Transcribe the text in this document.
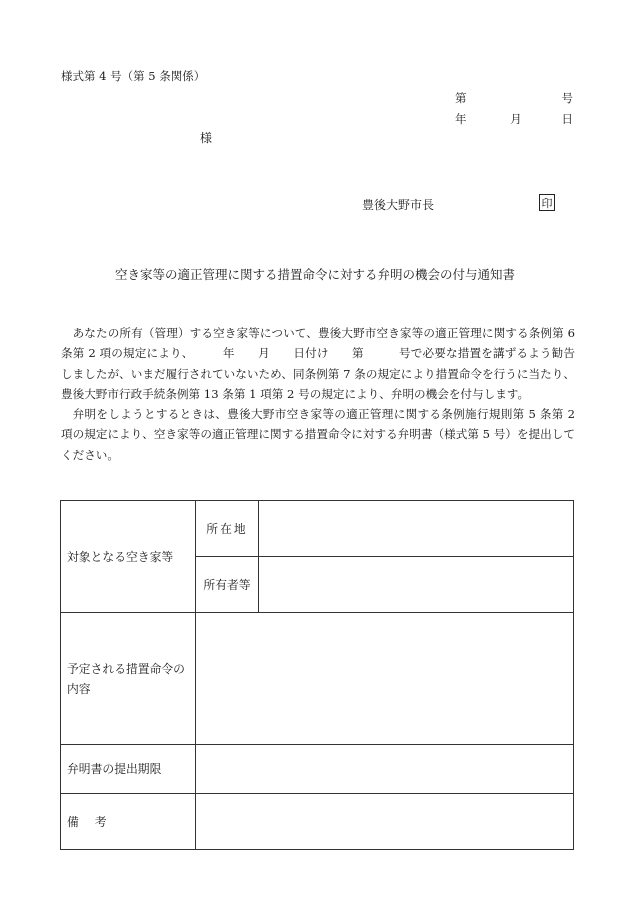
様式第 4 号（第 5 条関係）
第	号
年	月	日
様
豊後大野市長	印
空き家等の適正管理に関する措置命令に対する弁明の機会の付与通知書

あなたの所有（管理）する空き家等について、豊後大野市空き家等の適正管理に関する条例第 6 条第 2 項の規定により、　　　年　　月　　日付け　　第　　　号で必要な措置を講ずるよう勧告しましたが、いまだ履行されていないため、同条例第 7 条の規定により措置命令を行うに当たり、豊後大野市行政手続条例第 13 条第 1 項第 2 号の規定により、弁明の機会を付与します。

弁明をしようとするときは、豊後大野市空き家等の適正管理に関する条例施行規則第 5 条第 2 項の規定により、空き家等の適正管理に関する措置命令に対する弁明書（様式第 5 号）を提出してください。

対象となる空き家等	所在地	
	所有者等	
予定される措置命令の内容		
弁明書の提出期限		
備考		
